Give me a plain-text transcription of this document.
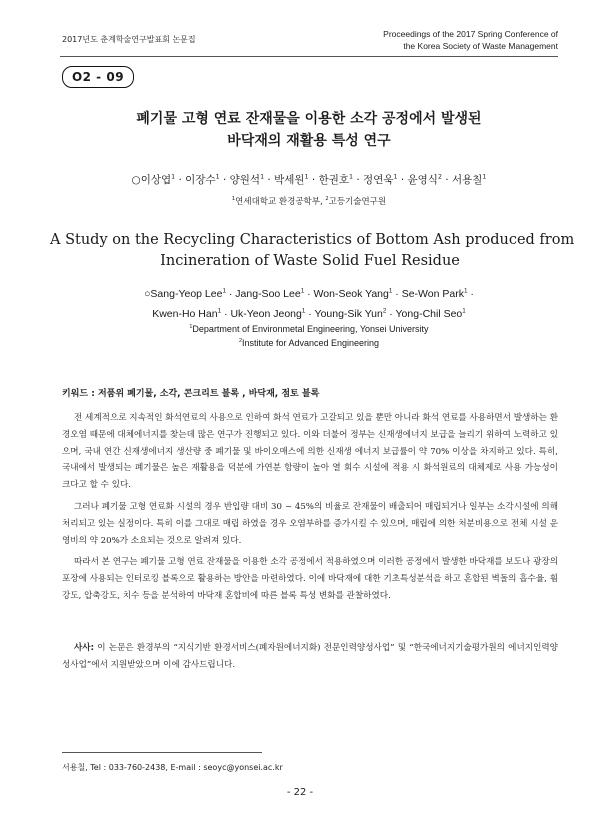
2017년도 춘계학술연구발표회 논문집
Proceedings of the 2017 Spring Conference of
the Korea Society of Waste Management
O2 - 09
폐기물 고형 연료 잔재물을 이용한 소각 공정에서 발생된
바닥재의 재활용 특성 연구
○이상엽$^1$ · 이장수$^1$ · 양원석$^1$ · 박세원$^1$ · 한권호$^1$ · 정연욱$^1$ · 윤영식$^2$ · 서용칠$^1$
$^1$연세대학교 환경공학부, $^2$고등기술연구원
A Study on the Recycling Characteristics of Bottom Ash produced from
Incineration of Waste Solid Fuel Residue
○Sang-Yeop Lee$^1$ · Jang-Soo Lee$^1$ · Won-Seok Yang$^1$ · Se-Won Park$^1$ ·
Kwen-Ho Han$^1$ · Uk-Yeon Jeong$^1$ · Young-Sik Yun$^2$ · Yong-Chil Seo$^1$
$^1$Department of Environmetal Engineering, Yonsei University
$^2$Institute for Advanced Engineering
키워드 : 저품위 폐기물, 소각, 콘크리트 블록 , 바닥재, 점토 블록

전 세계적으로 지속적인 화석연료의 사용으로 인하여 화석 연료가 고갈되고 있을 뿐만 아니라 화석 연료를 사용하면서 발생하는 환경오염 때문에 대체에너지를 찾는데 많은 연구가 진행되고 있다. 이와 더불어 정부는 신재생에너지 보급을 늘리기 위하여 노력하고 있으며, 국내 연간 신재생에너지 생산량 중 폐기물 및 바이오매스에 의한 신재생 에너지 보급률이 약 70% 이상을 차지하고 있다. 특히, 국내에서 발생되는 폐기물은 높은 재활용을 덕분에 가연분 함량이 높아 열 회수 시설에 적용 시 화석원료의 대체제로 사용 가능성이 크다고 할 수 있다.

그러나 폐기물 고형 연료화 시설의 경우 반입량 대비 30 ~ 45%의 비율로 잔재물이 배출되어 매립되거나 일부는 소각시설에 의해 처리되고 있는 실정이다. 특히 이를 그대로 매립 하였을 경우 오염부하를 증가시킬 수 있으며, 매립에 의한 처분비용으로 전체 시설 운영비의 약 20%가 소요되는 것으로 알려져 있다.

따라서 본 연구는 폐기물 고형 연료 잔재물을 이용한 소각 공정에서 적용하였으며 이러한 공정에서 발생한 바닥재를 보도나 광장의 포장에 사용되는 인터로킹 블록으로 활용하는 방안을 마련하였다. 이에 바닥재에 대한 기초특성분석을 하고 혼합된 벽돌의 흡수율, 휨강도, 압축강도, 치수 등을 분석하여 바닥재 혼합비에 따른 블록 특성 변화를 관찰하였다.

사사: 이 논문은 환경부의 “지식기반 환경서비스(폐자원에너지화) 전문인력양성사업” 및 “한국에너지기술평가원의 에너지인력양성사업”에서 지원받았으며 이에 감사드립니다.
서용칠, Tel : 033-760-2438, E-mail : seoyc@yonsei.ac.kr
- 22 -
